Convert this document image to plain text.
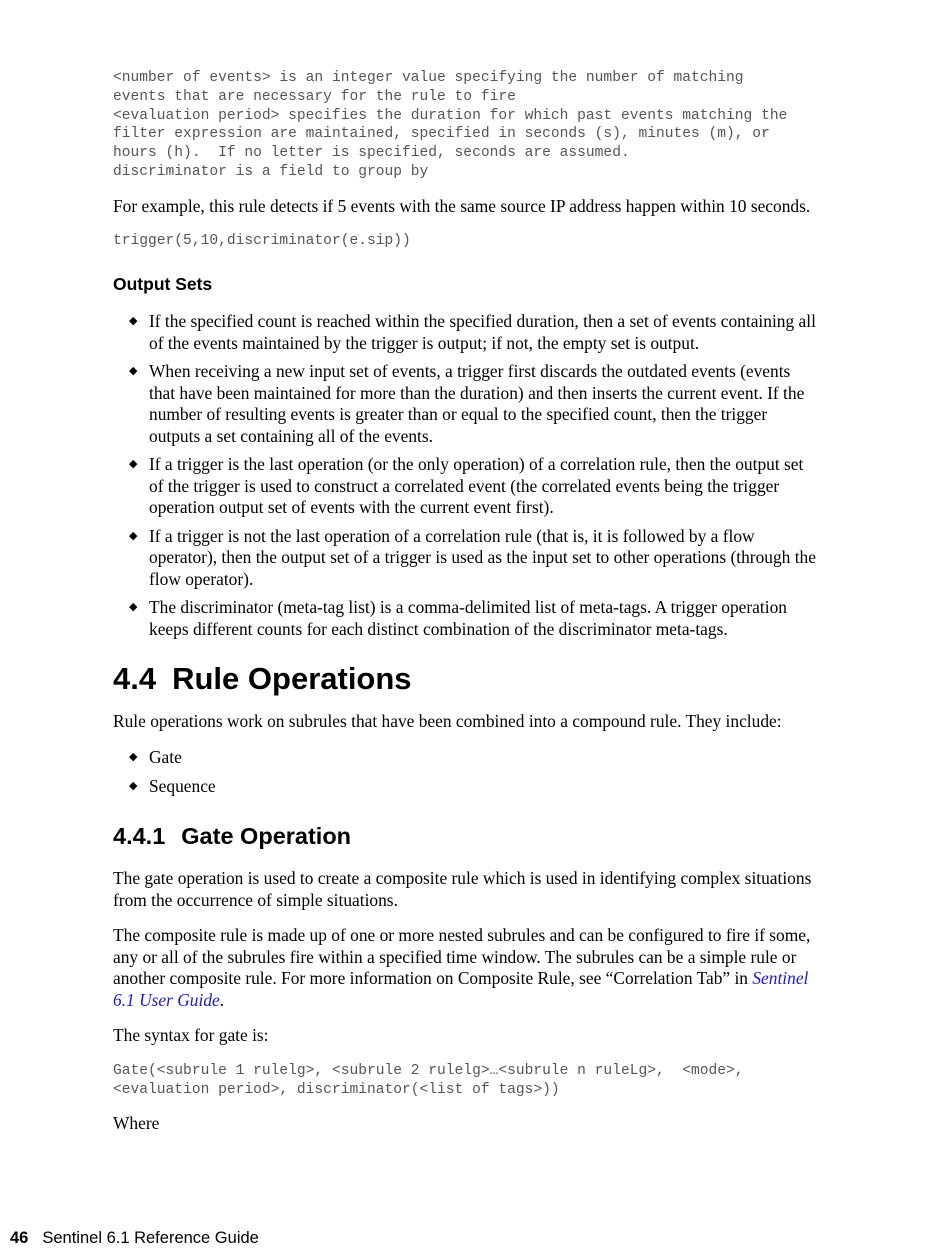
<number of events> is an integer value specifying the number of matching
events that are necessary for the rule to fire
<evaluation period> specifies the duration for which past events matching the
filter expression are maintained, specified in seconds (s), minutes (m), or
hours (h).  If no letter is specified, seconds are assumed.
discriminator is a field to group by

For example, this rule detects if 5 events with the same source IP address happen within 10 seconds.

trigger(5,10,discriminator(e.sip))
Output Sets
◆ If the specified count is reached within the specified duration, then a set of events containing all
of the events maintained by the trigger is output; if not, the empty set is output.
◆ When receiving a new input set of events, a trigger first discards the outdated events (events
that have been maintained for more than the duration) and then inserts the current event. If the
number of resulting events is greater than or equal to the specified count, then the trigger
outputs a set containing all of the events.
◆ If a trigger is the last operation (or the only operation) of a correlation rule, then the output set
of the trigger is used to construct a correlated event (the correlated events being the trigger
operation output set of events with the current event first).
◆ If a trigger is not the last operation of a correlation rule (that is, it is followed by a flow
operator), then the output set of a trigger is used as the input set to other operations (through the
flow operator).
◆ The discriminator (meta-tag list) is a comma-delimited list of meta-tags. A trigger operation
keeps different counts for each distinct combination of the discriminator meta-tags.
4.4 Rule Operations

Rule operations work on subrules that have been combined into a compound rule. They include:

◆ Gate
◆ Sequence
4.4.1 Gate Operation

The gate operation is used to create a composite rule which is used in identifying complex situations
from the occurrence of simple situations.

The composite rule is made up of one or more nested subrules and can be configured to fire if some,
any or all of the subrules fire within a specified time window. The subrules can be a simple rule or
another composite rule. For more information on Composite Rule, see “Correlation Tab” in Sentinel
6.1 User Guide.

The syntax for gate is:

Gate(<subrule 1 rulelg>, <subrule 2 rulelg>…<subrule n ruleLg>,  <mode>,
<evaluation period>, discriminator(<list of tags>))

Where

46 Sentinel 6.1 Reference Guide
